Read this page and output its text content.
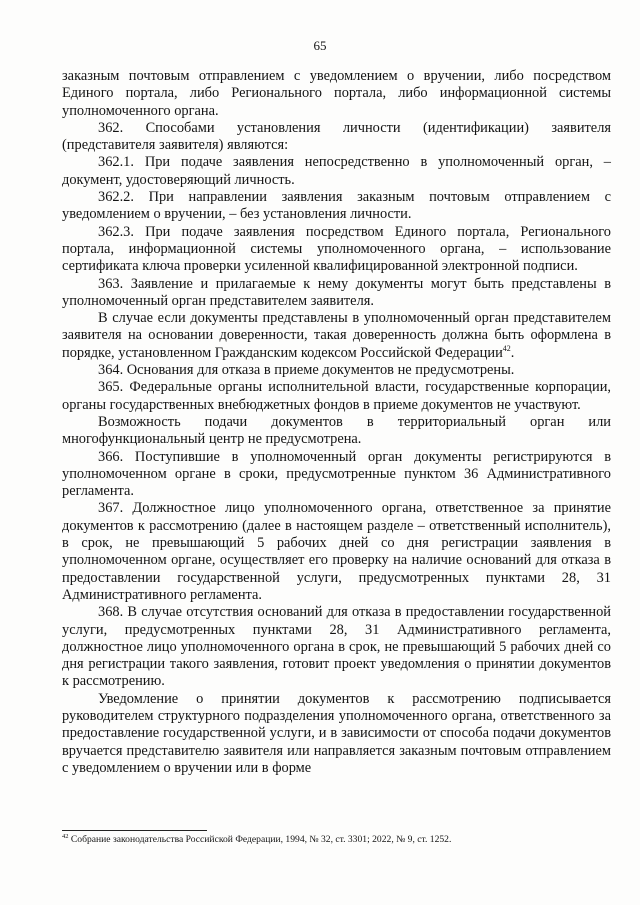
65

заказным почтовым отправлением с уведомлением о вручении, либо посредством Единого портала, либо Регионального портала, либо информационной системы уполномоченного органа.

362. Способами установления личности (идентификации) заявителя (представителя заявителя) являются:

362.1. При подаче заявления непосредственно в уполномоченный орган, – документ, удостоверяющий личность.

362.2. При направлении заявления заказным почтовым отправлением с уведомлением о вручении, – без установления личности.

362.3. При подаче заявления посредством Единого портала, Регионального портала, информационной системы уполномоченного органа, – использование сертификата ключа проверки усиленной квалифицированной электронной подписи.

363. Заявление и прилагаемые к нему документы могут быть представлены в уполномоченный орган представителем заявителя.

В случае если документы представлены в уполномоченный орган представителем заявителя на основании доверенности, такая доверенность должна быть оформлена в порядке, установленном Гражданским кодексом Российской Федерации$^{42}$.

364. Основания для отказа в приеме документов не предусмотрены.

365. Федеральные органы исполнительной власти, государственные корпорации, органы государственных внебюджетных фондов в приеме документов не участвуют.

Возможность подачи документов в территориальный орган или многофункциональный центр не предусмотрена.

366. Поступившие в уполномоченный орган документы регистрируются в уполномоченном органе в сроки, предусмотренные пунктом 36 Административного регламента.

367. Должностное лицо уполномоченного органа, ответственное за принятие документов к рассмотрению (далее в настоящем разделе – ответственный исполнитель), в срок, не превышающий 5 рабочих дней со дня регистрации заявления в уполномоченном органе, осуществляет его проверку на наличие оснований для отказа в предоставлении государственной услуги, предусмотренных пунктами 28, 31 Административного регламента.

368. В случае отсутствия оснований для отказа в предоставлении государственной услуги, предусмотренных пунктами 28, 31 Административного регламента, должностное лицо уполномоченного органа в срок, не превышающий 5 рабочих дней со дня регистрации такого заявления, готовит проект уведомления о принятии документов к рассмотрению.

Уведомление о принятии документов к рассмотрению подписывается руководителем структурного подразделения уполномоченного органа, ответственного за предоставление государственной услуги, и в зависимости от способа подачи документов вручается представителю заявителя или направляется заказным почтовым отправлением с уведомлением о вручении или в форме

$^{42}$ Собрание законодательства Российской Федерации, 1994, № 32, ст. 3301; 2022, № 9, ст. 1252.
